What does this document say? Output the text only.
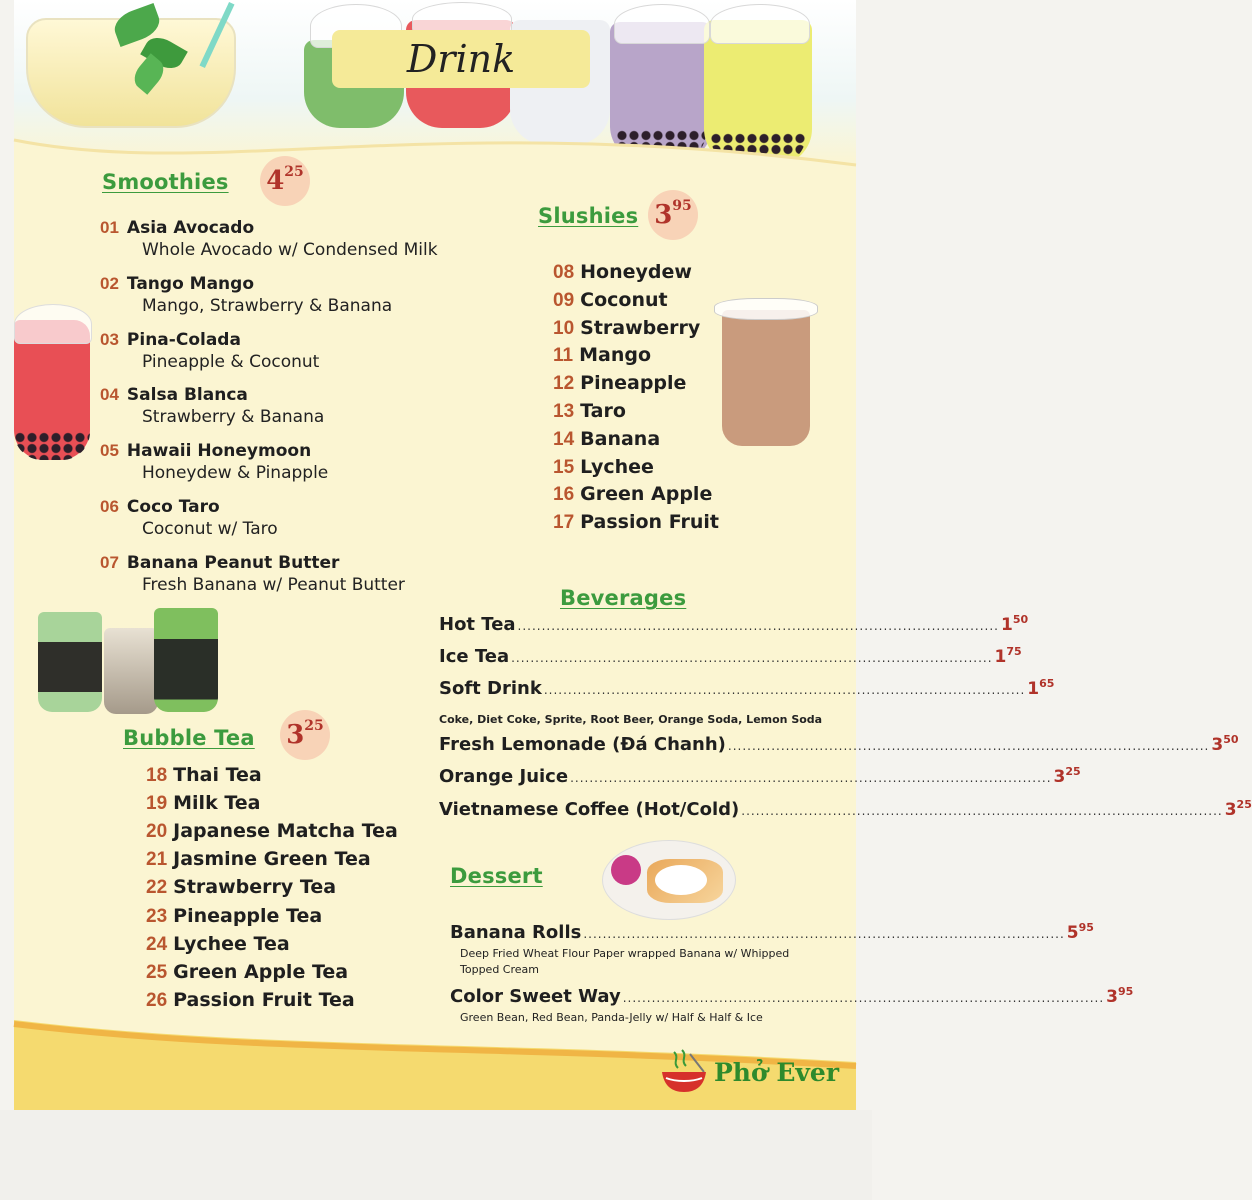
Drink
Smoothies 4 25
01 Asia Avocado
Whole Avocado w/ Condensed Milk
02 Tango Mango
Mango, Strawberry & Banana
03 Pina-Colada
Pineapple & Coconut
04 Salsa Blanca
Strawberry & Banana
05 Hawaii Honeymoon
Honeydew & Pinapple
06 Coco Taro
Coconut w/ Taro
07 Banana Peanut Butter
Fresh Banana w/ Peanut Butter
Slushies 3 95
08 Honeydew
09 Coconut
10 Strawberry
11 Mango
12 Pineapple
13 Taro
14 Banana
15 Lychee
16 Green Apple
17 Passion Fruit
Bubble Tea 3 25
18 Thai Tea
19 Milk Tea
20 Japanese Matcha Tea
21 Jasmine Green Tea
22 Strawberry Tea
23 Pineapple Tea
24 Lychee Tea
25 Green Apple Tea
26 Passion Fruit Tea
Beverages
Hot Tea .................................................................................................... $1^{50}$
Ice Tea .................................................................................................... $1^{75}$
Soft Drink .................................................................................................... $1^{65}$
Fresh Lemonade (Đá Chanh) .................................................................................................... $3^{50}$
Orange Juice .................................................................................................... $3^{25}$
Vietnamese Coffee (Hot/Cold) .................................................................................................... $3^{25}$
Coke, Diet Coke, Sprite, Root Beer, Orange Soda, Lemon Soda
Dessert
Banana Rolls .................................................................................................... $5^{95}$
Deep Fried Wheat Flour Paper wrapped Banana w/ Whipped
Topped Cream
Color Sweet Way .................................................................................................... $3^{95}$
Green Bean, Red Bean, Panda-Jelly w/ Half & Half & Ice
Phở Ever
